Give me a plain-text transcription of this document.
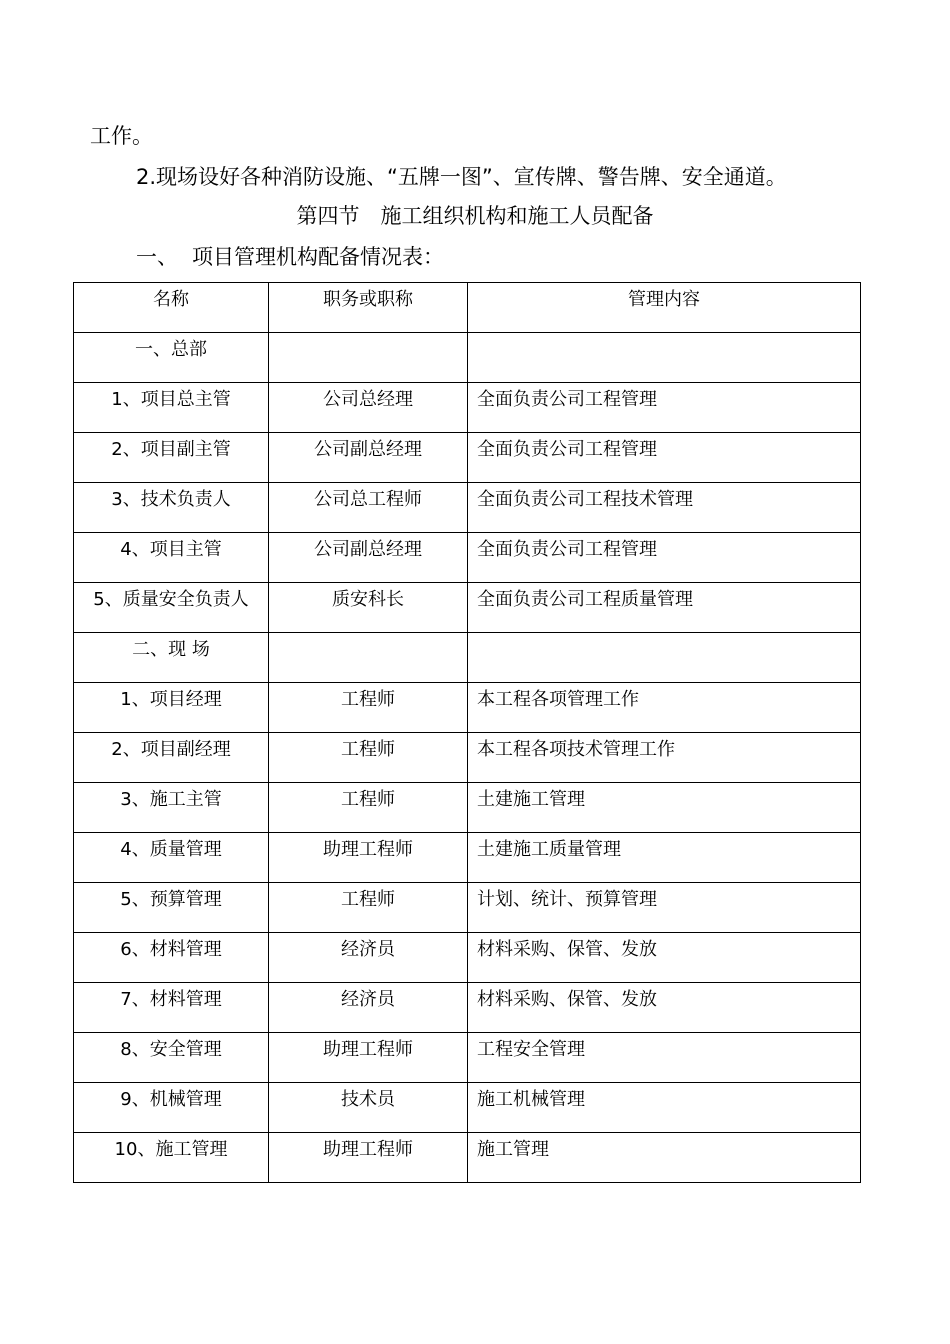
工作。
2.现场设好各种消防设施、“五牌一图”、宣传牌、警告牌、安全通道。
第四节　施工组织机构和施工人员配备
一、 项目管理机构配备情况表：
名称	职务或职称	管理内容
一、总部		
1、项目总主管	公司总经理	全面负责公司工程管理
2、项目副主管	公司副总经理	全面负责公司工程管理
3、技术负责人	公司总工程师	全面负责公司工程技术管理
4、项目主管	公司副总经理	全面负责公司工程管理
5、质量安全负责人	质安科长	全面负责公司工程质量管理
二、现 场		
1、项目经理	工程师	本工程各项管理工作
2、项目副经理	工程师	本工程各项技术管理工作
3、施工主管	工程师	土建施工管理
4、质量管理	助理工程师	土建施工质量管理
5、预算管理	工程师	计划、统计、预算管理
6、材料管理	经济员	材料采购、保管、发放
7、材料管理	经济员	材料采购、保管、发放
8、安全管理	助理工程师	工程安全管理
9、机械管理	技术员	施工机械管理
10、施工管理	助理工程师	施工管理
